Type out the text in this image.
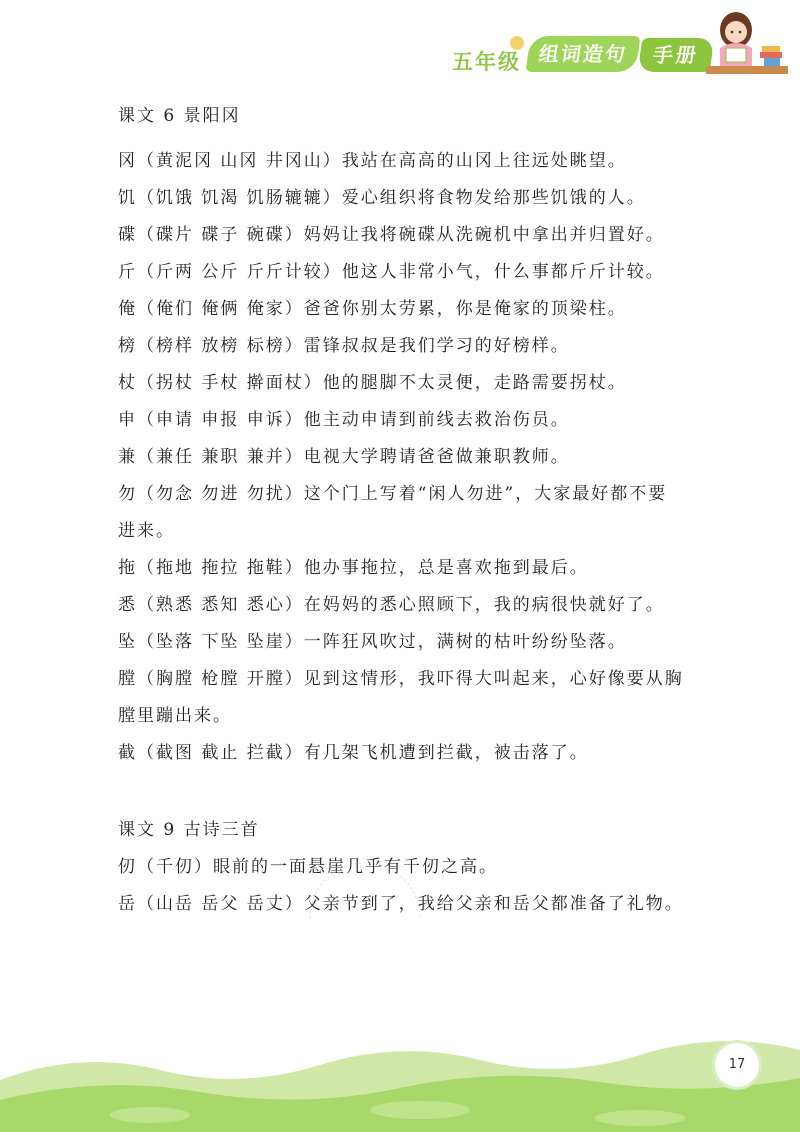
五年级 组词造句	手册
课文 6 景阳冈
冈（黄泥冈 山冈 井冈山）我站在高高的山冈上往远处眺望。
饥（饥饿 饥渴 饥肠辘辘）爱心组织将食物发给那些饥饿的人。
碟（碟片 碟子 碗碟）妈妈让我将碗碟从洗碗机中拿出并归置好。
斤（斤两 公斤 斤斤计较）他这人非常小气，什么事都斤斤计较。
俺（俺们 俺俩 俺家）爸爸你别太劳累，你是俺家的顶梁柱。
榜（榜样 放榜 标榜）雷锋叔叔是我们学习的好榜样。
杖（拐杖 手杖 擀面杖）他的腿脚不太灵便，走路需要拐杖。
申（申请 申报 申诉）他主动申请到前线去救治伤员。
兼（兼任 兼职 兼并）电视大学聘请爸爸做兼职教师。
勿（勿念 勿进 勿扰）这个门上写着“闲人勿进”，大家最好都不要
进来。
拖（拖地 拖拉 拖鞋）他办事拖拉，总是喜欢拖到最后。
悉（熟悉 悉知 悉心）在妈妈的悉心照顾下，我的病很快就好了。
坠（坠落 下坠 坠崖）一阵狂风吹过，满树的枯叶纷纷坠落。
膛（胸膛 枪膛 开膛）见到这情形，我吓得大叫起来，心好像要从胸
膛里蹦出来。
截（截图 截止 拦截）有几架飞机遭到拦截，被击落了。
课文 9 古诗三首
仞（千仞）眼前的一面悬崖几乎有千仞之高。
岳（山岳 岳父 岳丈）父亲节到了，我给父亲和岳父都准备了礼物。
17
